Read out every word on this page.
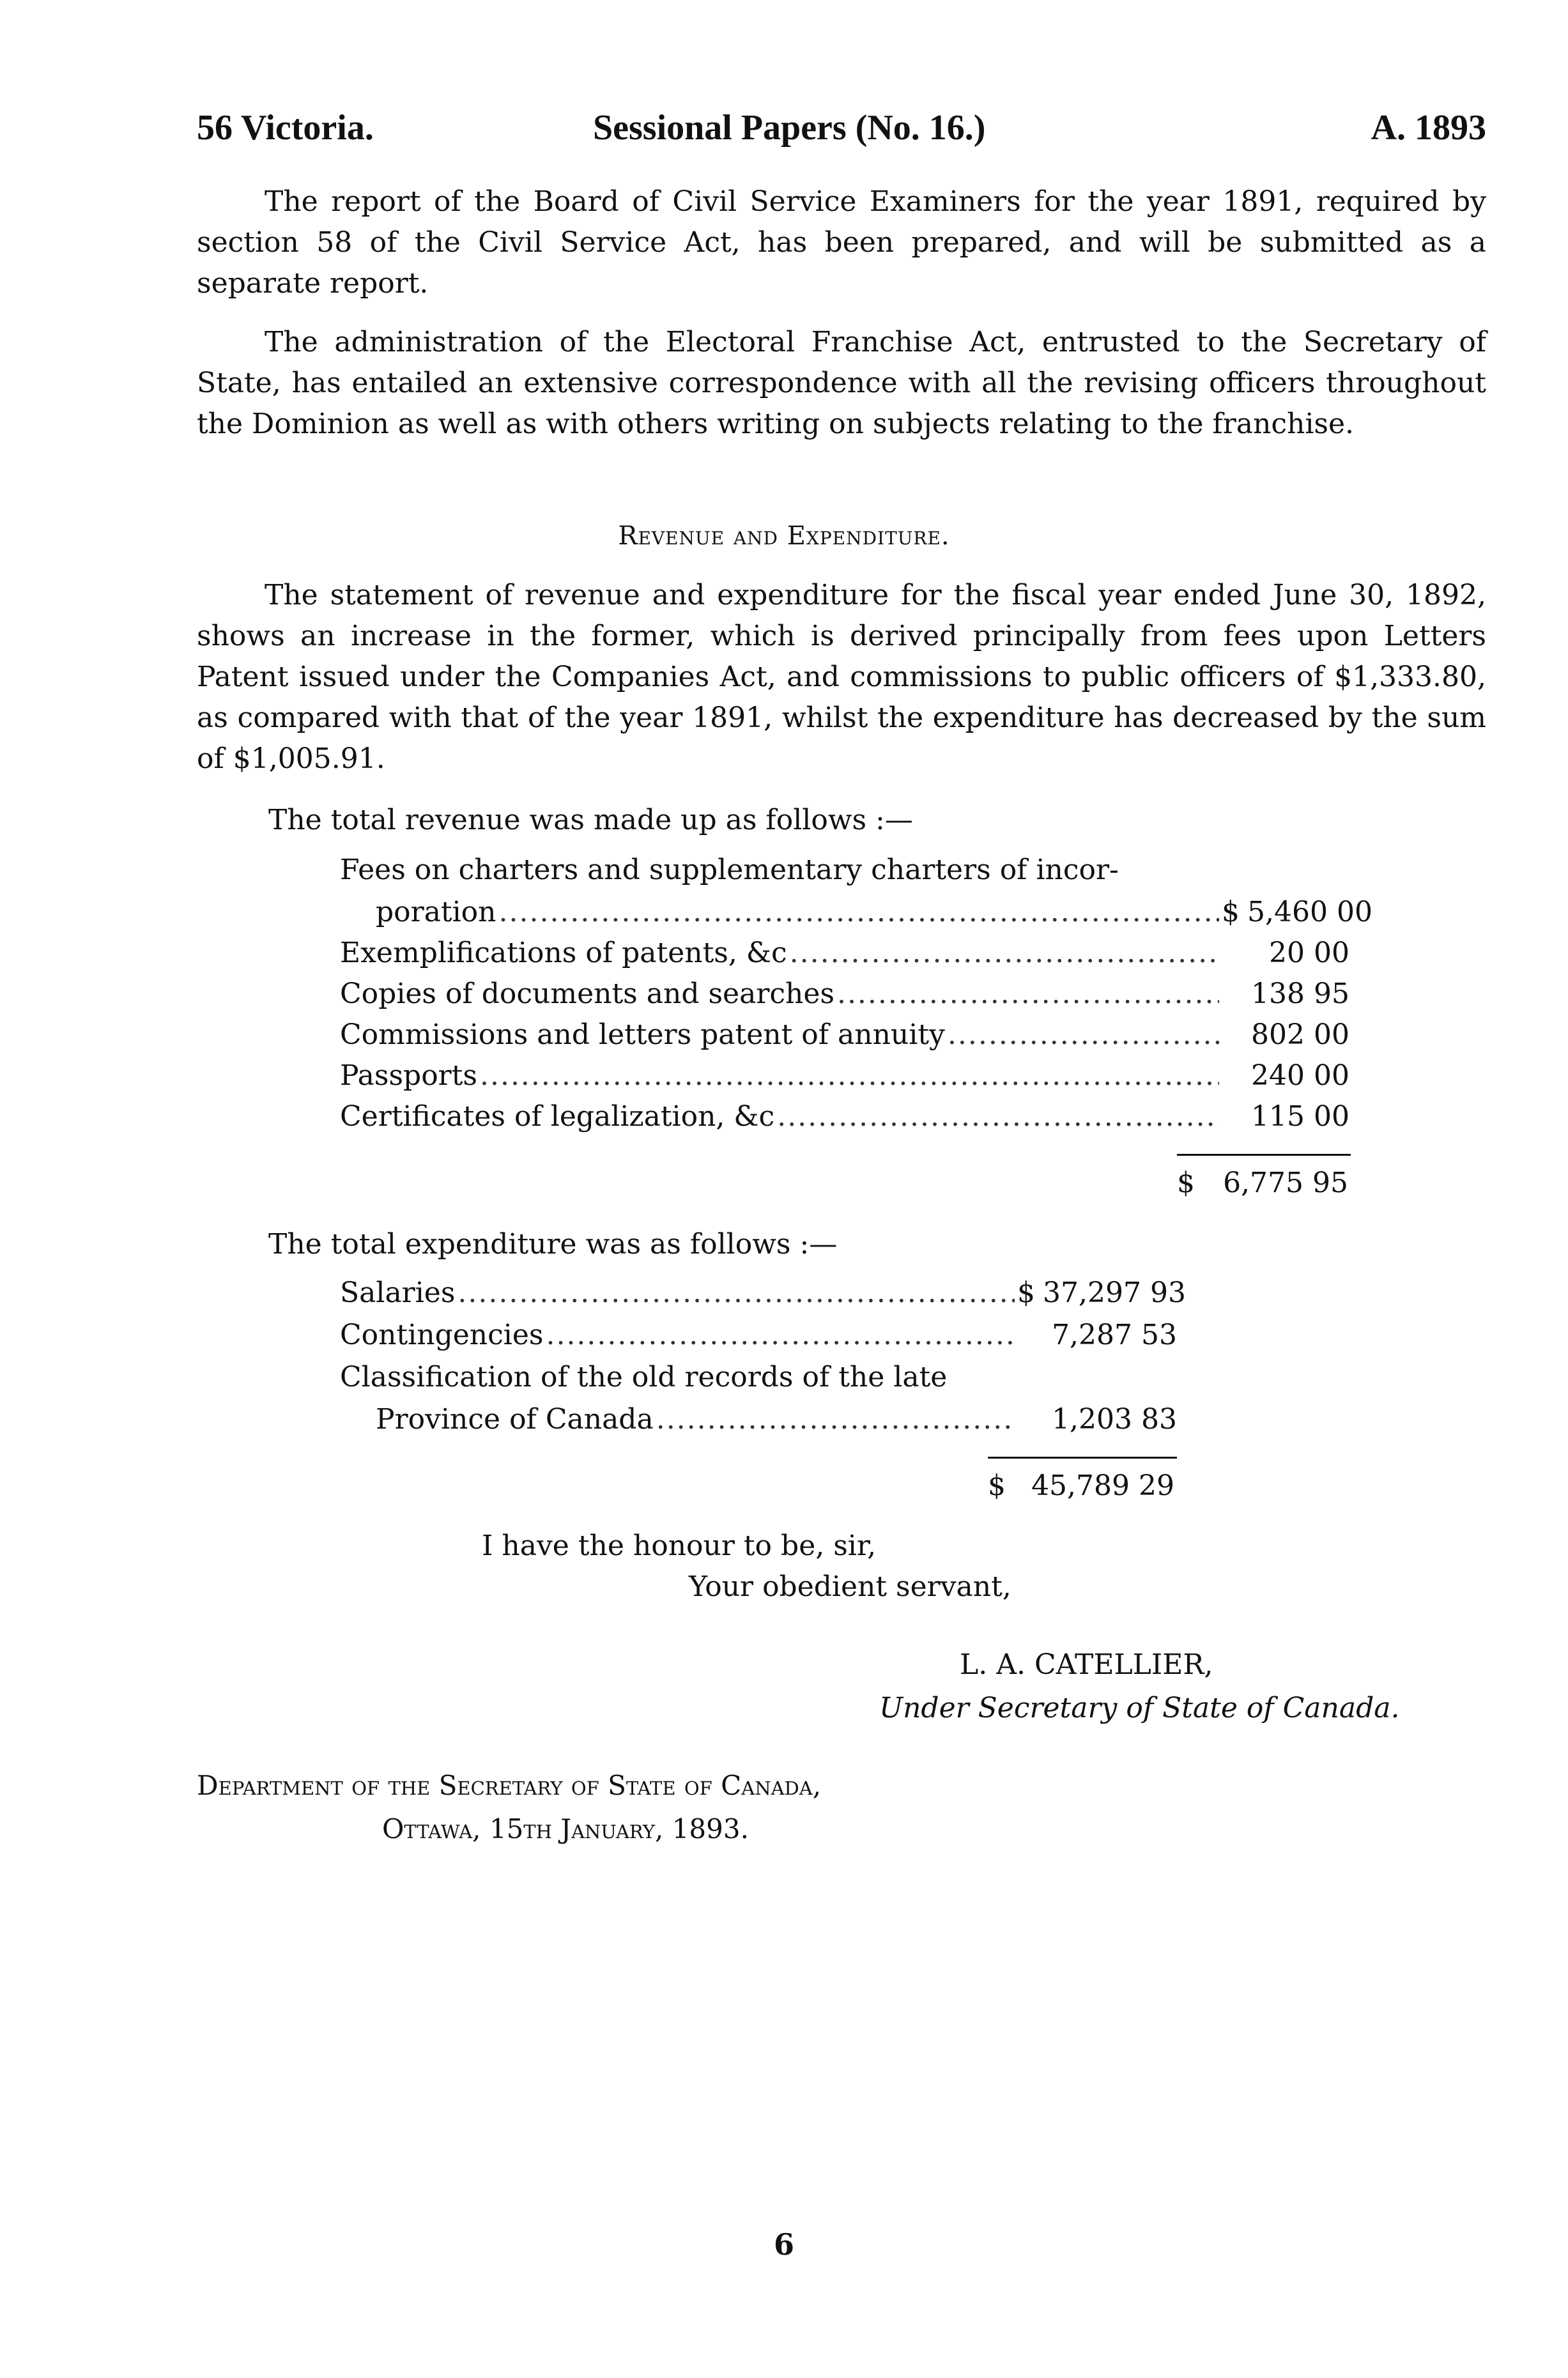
56 Victoria.	Sessional Papers (No. 16.)	A. 1893

The report of the Board of Civil Service Examiners for the year 1891, required by section 58 of the Civil Service Act, has been prepared, and will be submitted as a separate report.

The administration of the Electoral Franchise Act, entrusted to the Secretary of State, has entailed an extensive correspondence with all the revising officers throughout the Dominion as well as with others writing on subjects relating to the franchise.

Revenue and Expenditure.

The statement of revenue and expenditure for the fiscal year ended June 30, 1892, shows an increase in the former, which is derived principally from fees upon Letters Patent issued under the Companies Act, and commissions to public officers of $1,333.80, as compared with that of the year 1891, whilst the expenditure has decreased by the sum of $1,005.91.

The total revenue was made up as follows :—
Fees on charters and supplementary charters of incor-
poration .....	$ 5,460 00
Exemplifications of patents, &c .....	20 00
Copies of documents and searches .....	138 95
Commissions and letters patent of annuity .....	802 00
Passports .....	240 00
Certificates of legalization, &c .....	115 00
$ 6,775 95
The total expenditure was as follows :—
Salaries .....	$ 37,297 93
Contingencies .....	7,287 53
Classification of the old records of the late
Province of Canada .....	1,203 83
$ 45,789 29
I have the honour to be, sir,
Your obedient servant,
L. A. CATELLIER,
Under Secretary of State of Canada.
Department of the Secretary of State of Canada,
Ottawa, 15th January, 1893.
6
